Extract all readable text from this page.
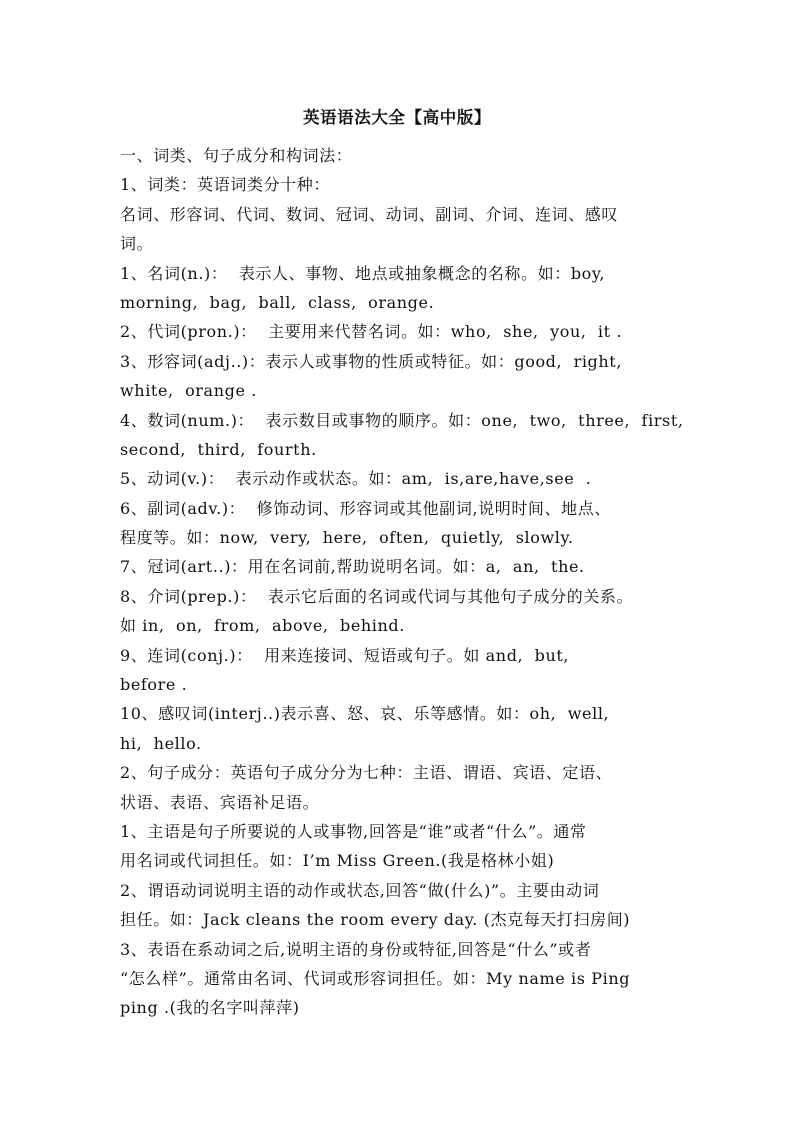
英语语法大全【高中版】
一、词类、句子成分和构词法：
1、词类：英语词类分十种：
名词、形容词、代词、数词、冠词、动词、副词、介词、连词、感叹
词。
1、名词(n.)：  表示人、事物、地点或抽象概念的名称。如：boy,
morning,  bag,  ball,  class,  orange.
2、代词(pron.)：  主要用来代替名词。如：who,  she,  you,  it .
3、形容词(adj..)：表示人或事物的性质或特征。如：good,  right,
white,  orange .
4、数词(num.)：  表示数目或事物的顺序。如：one,  two,  three,  first,
second,  third,  fourth.
5、动词(v.)：  表示动作或状态。如：am,  is,are,have,see  .
6、副词(adv.)：  修饰动词、形容词或其他副词,说明时间、地点、
程度等。如：now,  very,  here,  often,  quietly,  slowly.
7、冠词(art..)：用在名词前,帮助说明名词。如：a,  an,  the.
8、介词(prep.)：  表示它后面的名词或代词与其他句子成分的关系。
如 in,  on,  from,  above,  behind.
9、连词(conj.)：  用来连接词、短语或句子。如 and,  but,
before .
10、感叹词(interj..)表示喜、怒、哀、乐等感情。如：oh,  well,
hi,  hello.
2、句子成分：英语句子成分分为七种：主语、谓语、宾语、定语、
状语、表语、宾语补足语。
1、主语是句子所要说的人或事物,回答是“谁”或者“什么”。通常
用名词或代词担任。如：I’m Miss Green.(我是格林小姐)
2、谓语动词说明主语的动作或状态,回答“做(什么)”。主要由动词
担任。如：Jack cleans the room every day. (杰克每天打扫房间)
3、表语在系动词之后,说明主语的身份或特征,回答是“什么”或者
“怎么样”。通常由名词、代词或形容词担任。如：My name is Ping
ping .(我的名字叫萍萍)
